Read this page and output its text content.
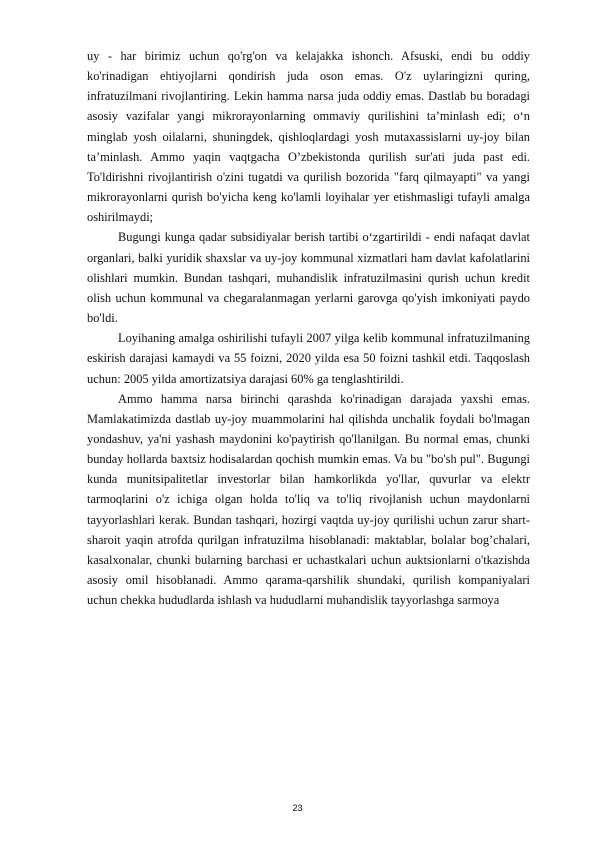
uy - har birimiz uchun qo'rg'on va kelajakka ishonch. Afsuski, endi bu oddiy ko'rinadigan ehtiyojlarni qondirish juda oson emas. O'z uylaringizni quring, infratuzilmani rivojlantiring. Lekin hamma narsa juda oddiy emas. Dastlab bu boradagi asosiy vazifalar yangi mikrorayonlarning ommaviy qurilishini ta’minlash edi; o‘n minglab yosh oilalarni, shuningdek, qishloqlardagi yosh mutaxassislarni uy-joy bilan ta’minlash. Ammo yaqin vaqtgacha O’zbekistonda qurilish sur'ati juda past edi. To'ldirishni rivojlantirish o'zini tugatdi va qurilish bozorida "farq qilmayapti" va yangi mikrorayonlarni qurish bo'yicha keng ko'lamli loyihalar yer etishmasligi tufayli amalga oshirilmaydi;

Bugungi kunga qadar subsidiyalar berish tartibi o‘zgartirildi - endi nafaqat davlat organlari, balki yuridik shaxslar va uy-joy kommunal xizmatlari ham davlat kafolatlarini olishlari mumkin. Bundan tashqari, muhandislik infratuzilmasini qurish uchun kredit olish uchun kommunal va chegaralanmagan yerlarni garovga qo'yish imkoniyati paydo bo'ldi.

Loyihaning amalga oshirilishi tufayli 2007 yilga kelib kommunal infratuzilmaning eskirish darajasi kamaydi va 55 foizni, 2020 yilda esa 50 foizni tashkil etdi. Taqqoslash uchun: 2005 yilda amortizatsiya darajasi 60% ga tenglashtirildi.

Ammo hamma narsa birinchi qarashda ko'rinadigan darajada yaxshi emas. Mamlakatimizda dastlab uy-joy muammolarini hal qilishda unchalik foydali bo'lmagan yondashuv, ya'ni yashash maydonini ko'paytirish qo'llanilgan. Bu normal emas, chunki bunday hollarda baxtsiz hodisalardan qochish mumkin emas. Va bu "bo'sh pul". Bugungi kunda munitsipalitetlar investorlar bilan hamkorlikda yo'llar, quvurlar va elektr tarmoqlarini o'z ichiga olgan holda to'liq va to'liq rivojlanish uchun maydonlarni tayyorlashlari kerak. Bundan tashqari, hozirgi vaqtda uy-joy qurilishi uchun zarur shart-sharoit yaqin atrofda qurilgan infratuzilma hisoblanadi: maktablar, bolalar bog’chalari, kasalxonalar, chunki bularning barchasi er uchastkalari uchun auktsionlarni o'tkazishda asosiy omil hisoblanadi. Ammo qarama-qarshilik shundaki, qurilish kompaniyalari uchun chekka hududlarda ishlash va hududlarni muhandislik tayyorlashga sarmoya

23
